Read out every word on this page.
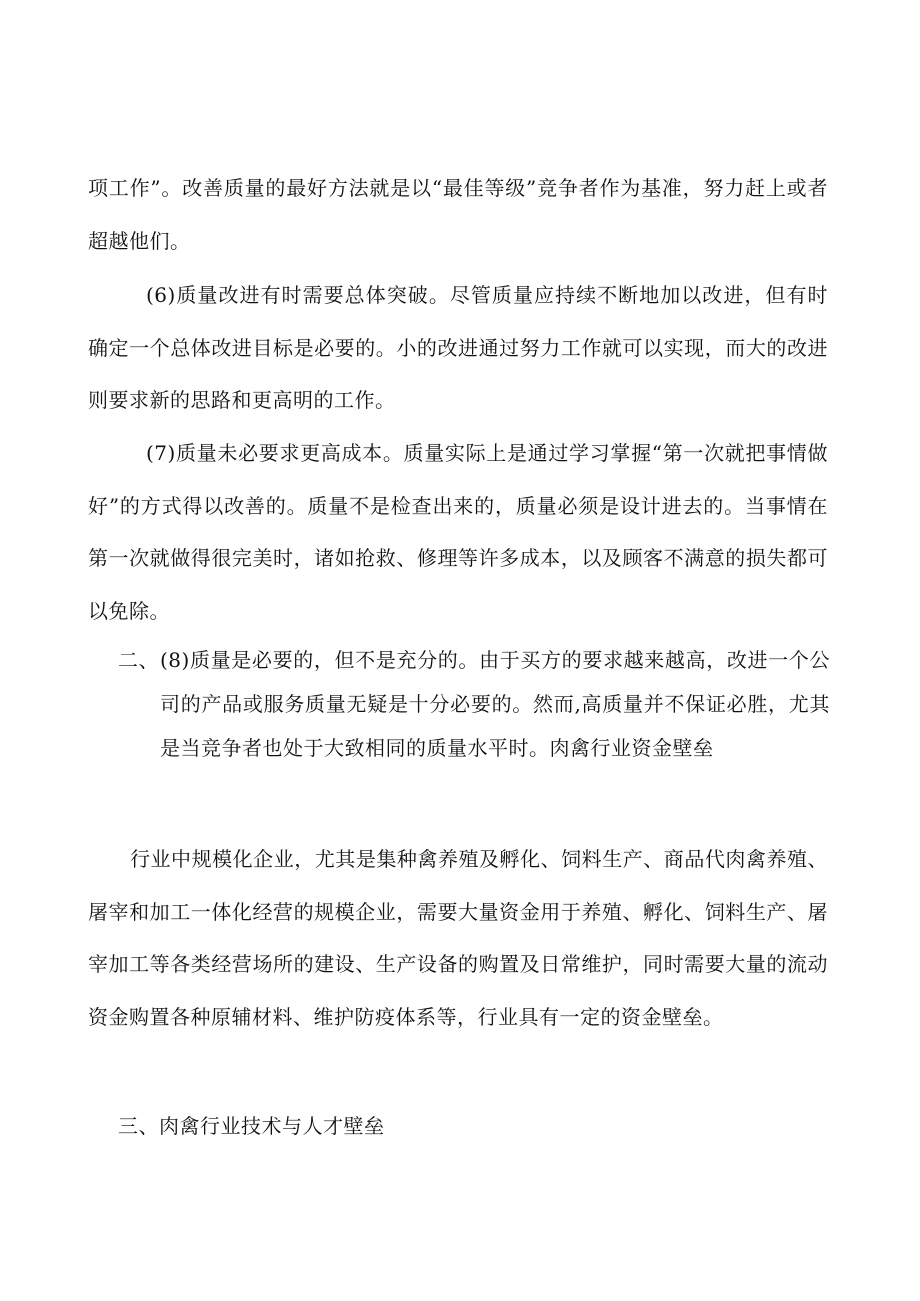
项工作”。改善质量的最好方法就是以“最佳等级”竞争者作为基准，努力赶上或者超越他们。

(6)质量改进有时需要总体突破。尽管质量应持续不断地加以改进，但有时确定一个总体改进目标是必要的。小的改进通过努力工作就可以实现，而大的改进则要求新的思路和更高明的工作。

(7)质量未必要求更高成本。质量实际上是通过学习掌握“第一次就把事情做好”的方式得以改善的。质量不是检查出来的，质量必须是设计进去的。当事情在第一次就做得很完美时，诸如抢救、修理等许多成本，以及顾客不满意的损失都可以免除。

二、 (8)质量是必要的，但不是充分的。由于买方的要求越来越高，改进一个公司的产品或服务质量无疑是十分必要的。然而,高质量并不保证必胜，尤其是当竞争者也处于大致相同的质量水平时。肉禽行业资金壁垒

行业中规模化企业，尤其是集种禽养殖及孵化、饲料生产、商品代肉禽养殖、屠宰和加工一体化经营的规模企业，需要大量资金用于养殖、孵化、饲料生产、屠宰加工等各类经营场所的建设、生产设备的购置及日常维护，同时需要大量的流动资金购置各种原辅材料、维护防疫体系等，行业具有一定的资金壁垒。

三、肉禽行业技术与人才壁垒
